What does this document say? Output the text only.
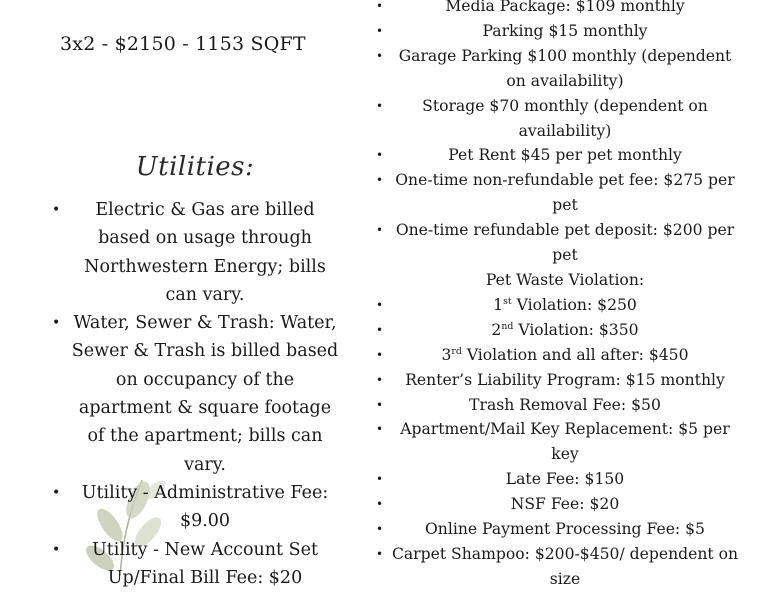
3x2 - $2150 - 1153 SQFT
Utilities:
• Electric & Gas are billed based on usage through Northwestern Energy; bills can vary.
• Water, Sewer & Trash: Water, Sewer & Trash is billed based on occupancy of the apartment & square footage of the apartment; bills can vary.
• Utility - Administrative Fee: $9.00
• Utility - New Account Set Up/Final Bill Fee: $20
•	Media Package: $109 monthly
•	Parking $15 monthly
• Garage Parking $100 monthly (dependent on availability)
•	Storage $70 monthly (dependent on availability)
•	Pet Rent $45 per pet monthly
• One-time non-refundable pet fee: $275 per pet
• One-time refundable pet deposit: $200 per pet
Pet Waste Violation:
•	1st Violation: $250
•	2nd Violation: $350
•	3rd Violation and all after: $450
• Renter’s Liability Program: $15 monthly
•	Trash Removal Fee: $50
• Apartment/Mail Key Replacement: $5 per key
•	Late Fee: $150
•	NSF Fee: $20
•	Online Payment Processing Fee: $5
• Carpet Shampoo: $200-$450/ dependent on size
